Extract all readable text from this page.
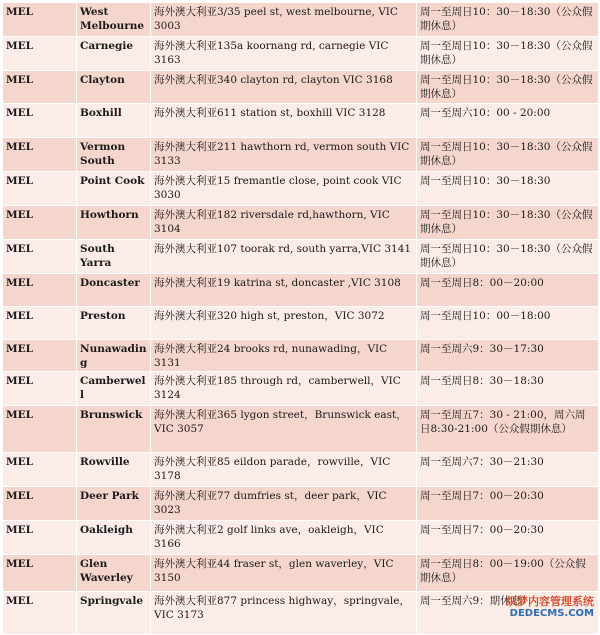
MEL	West Melbourne	海外澳大利亚3/35 peel st, west melbourne, VIC 3003	周一至周日10：30－18:30（公众假期休息）
MEL	Carnegie	海外澳大利亚135a koornang rd, carnegie VIC 3163	周一至周日10：30－18:30（公众假期休息）
MEL	Clayton	海外澳大利亚340 clayton rd, clayton VIC 3168	周一至周日10：30－18:30（公众假期休息）
MEL	Boxhill	海外澳大利亚611 station st, boxhill VIC 3128	周一至周六10：00 - 20:00
MEL	Vermon South	海外澳大利亚211 hawthorn rd, vermon south VIC 3133	周一至周日10：30－18:30（公众假期休息）
MEL	Point Cook	海外澳大利亚15 fremantle close, point cook VIC 3030	周一至周日10：30－18:30
MEL	Howthorn	海外澳大利亚182 riversdale rd,hawthorn, VIC 3104	周一至周日10：30－18:30（公众假期休息）
MEL	South Yarra	海外澳大利亚107 toorak rd, south yarra,VIC 3141	周一至周日10：30－18:30（公众假期休息）
MEL	Doncaster	海外澳大利亚19 katrina st, doncaster ,VIC 3108	周一至周日8：00－20:00
MEL	Preston	海外澳大利亚320 high st, preston，VIC 3072	周一至周日10：00－18:00
MEL	Nunawading	海外澳大利亚24 brooks rd, nunawading，VIC 3131	周一至周六9：30－17:30
MEL	Camberwell	海外澳大利亚185 through rd，camberwell，VIC 3124	周一至周日8：30－18:30
MEL	Brunswick	海外澳大利亚365 lygon street，Brunswick east，VIC 3057	周一至周五7：30 - 21:00，周六周日8:30-21:00（公众假期休息）
MEL	Rowville	海外澳大利亚85 eildon parade，rowville，VIC 3178	周一至周六7：30－21:30
MEL	Deer Park	海外澳大利亚77 dumfries st，deer park，VIC 3023	周一至周日7：00－20:30
MEL	Oakleigh	海外澳大利亚2 golf links ave，oakleigh，VIC 3166	周一至周日7：00－20:30
MEL	Glen Waverley	海外澳大利亚44 fraser st，glen waverley，VIC 3150	周一至周日8：00－19:00（公众假期休息）
MEL	Springvale	海外澳大利亚877 princess highway，springvale，VIC 3173	周一至周六9：期休息）
织梦内容管理系统
DEDECMS.COM
